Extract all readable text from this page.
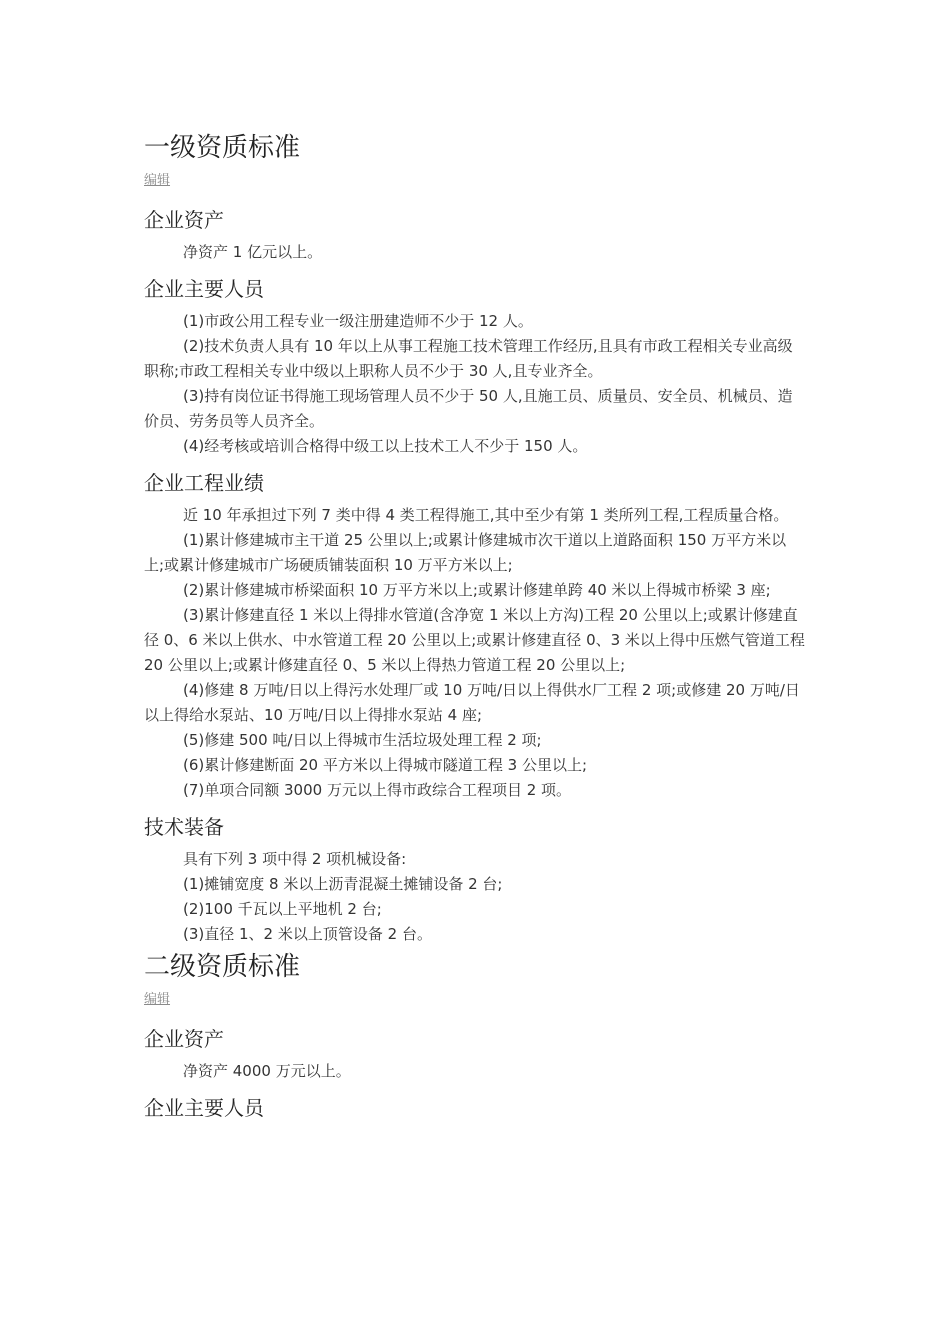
一级资质标准
编辑
企业资产

净资产 1 亿元以上。

企业主要人员

(1)市政公用工程专业一级注册建造师不少于 12 人。

(2)技术负责人具有 10 年以上从事工程施工技术管理工作经历,且具有市政工程相关专业高级职称;市政工程相关专业中级以上职称人员不少于 30 人,且专业齐全。

(3)持有岗位证书得施工现场管理人员不少于 50 人,且施工员、质量员、安全员、机械员、造价员、劳务员等人员齐全。

(4)经考核或培训合格得中级工以上技术工人不少于 150 人。

企业工程业绩

近 10 年承担过下列 7 类中得 4 类工程得施工,其中至少有第 1 类所列工程,工程质量合格。

(1)累计修建城市主干道 25 公里以上;或累计修建城市次干道以上道路面积 150 万平方米以上;或累计修建城市广场硬质铺装面积 10 万平方米以上;

(2)累计修建城市桥梁面积 10 万平方米以上;或累计修建单跨 40 米以上得城市桥梁 3 座;

(3)累计修建直径 1 米以上得排水管道(含净宽 1 米以上方沟)工程 20 公里以上;或累计修建直径 0、6 米以上供水、中水管道工程 20 公里以上;或累计修建直径 0、3 米以上得中压燃气管道工程 20 公里以上;或累计修建直径 0、5 米以上得热力管道工程 20 公里以上;

(4)修建 8 万吨/日以上得污水处理厂或 10 万吨/日以上得供水厂工程 2 项;或修建 20 万吨/日以上得给水泵站、10 万吨/日以上得排水泵站 4 座;

(5)修建 500 吨/日以上得城市生活垃圾处理工程 2 项;

(6)累计修建断面 20 平方米以上得城市隧道工程 3 公里以上;

(7)单项合同额 3000 万元以上得市政综合工程项目 2 项。

技术装备

具有下列 3 项中得 2 项机械设备:

(1)摊铺宽度 8 米以上沥青混凝土摊铺设备 2 台;

(2)100 千瓦以上平地机 2 台;

(3)直径 1、2 米以上顶管设备 2 台。

二级资质标准
编辑
企业资产

净资产 4000 万元以上。

企业主要人员
